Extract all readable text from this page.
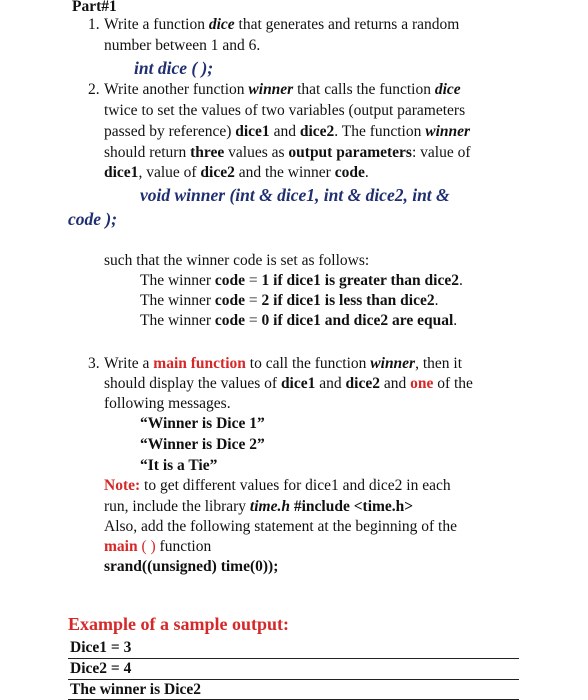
Part#1
1. Write a function dice that generates and returns a random
number between 1 and 6.
int dice ( );
2. Write another function winner that calls the function dice
twice to set the values of two variables (output parameters
passed by reference) dice1 and dice2. The function winner
should return three values as output parameters: value of
dice1, value of dice2 and the winner code.
void winner (int & dice1, int & dice2, int &
code );
such that the winner code is set as follows:
The winner code = 1 if dice1 is greater than dice2.
The winner code = 2 if dice1 is less than dice2.
The winner code = 0 if dice1 and dice2 are equal.
3. Write a main function to call the function winner, then it
should display the values of dice1 and dice2 and one of the
following messages.
“Winner is Dice 1”
“Winner is Dice 2”
“It is a Tie”
Note: to get different values for dice1 and dice2 in each
run, include the library time.h #include <time.h>
Also, add the following statement at the beginning of the
main ( ) function
srand((unsigned) time(0));
Example of a sample output:
Dice1 = 3
Dice2 = 4
The winner is Dice2
